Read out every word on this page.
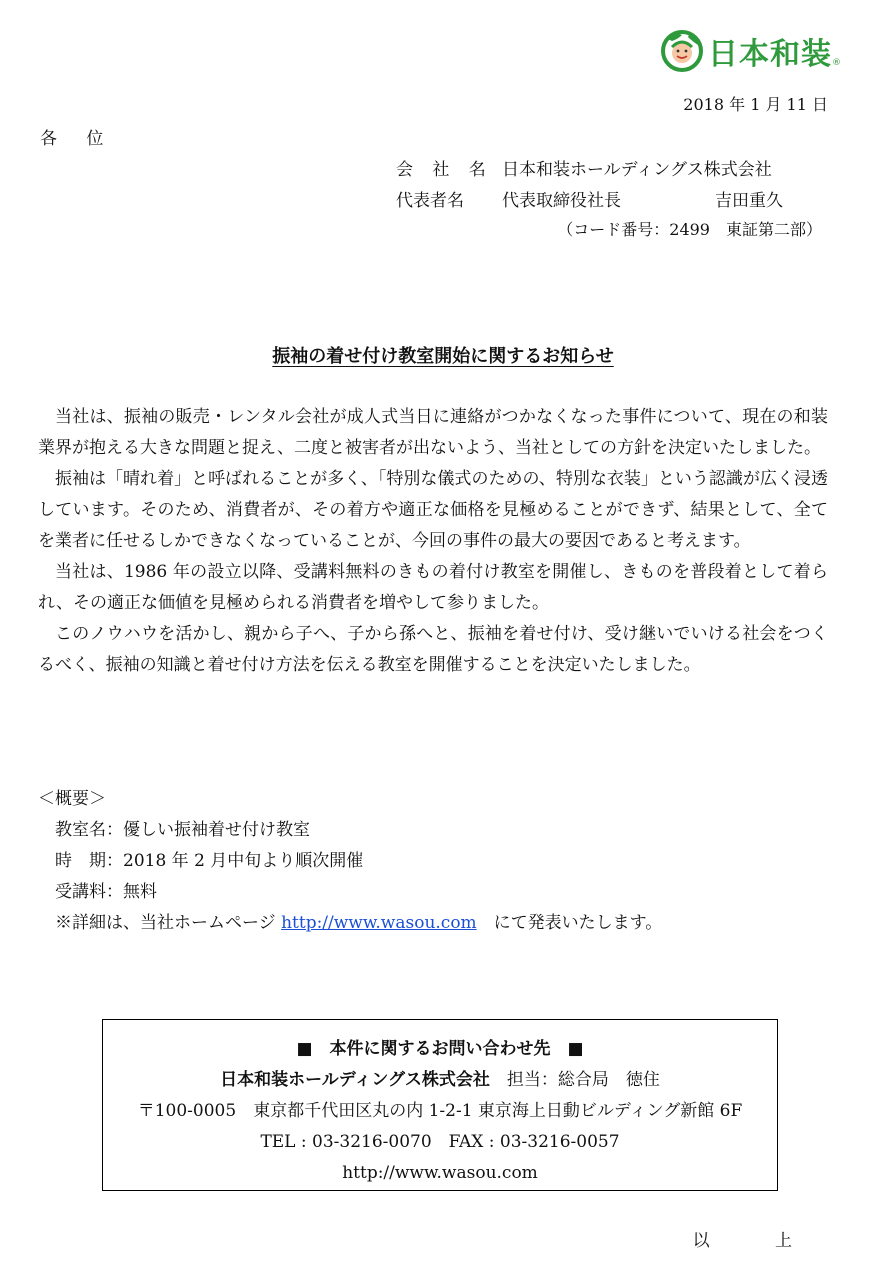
日本和装 ®
2018 年 1 月 11 日
各 位
会 社 名 日本和装ホールディングス株式会社
代表者名	代表取締役社長	吉田重久
（コード番号：2499　東証第二部）
振袖の着せ付け教室開始に関するお知らせ

当社は、振袖の販売・レンタル会社が成人式当日に連絡がつかなくなった事件について、現在の和装業界が抱える大きな問題と捉え、二度と被害者が出ないよう、当社としての方針を決定いたしました。

振袖は「晴れ着」と呼ばれることが多く、「特別な儀式のための、特別な衣装」という認識が広く浸透しています。そのため、消費者が、その着方や適正な価格を見極めることができず、結果として、全てを業者に任せるしかできなくなっていることが、今回の事件の最大の要因であると考えます。

当社は、1986 年の設立以降、受講料無料のきもの着付け教室を開催し、きものを普段着として着られ、その適正な価値を見極められる消費者を増やして参りました。

このノウハウを活かし、親から子へ、子から孫へと、振袖を着せ付け、受け継いでいける社会をつくるべく、振袖の知識と着せ付け方法を伝える教室を開催することを決定いたしました。

＜概要＞
教室名：優しい振袖着せ付け教室
時　期：2018 年 2 月中旬より順次開催
受講料：無料
※詳細は、当社ホームページ http://www.wasou.com　にて発表いたします。
■　本件に関するお問い合わせ先　■
日本和装ホールディングス株式会社　担当：総合局　徳住
〒100-0005　東京都千代田区丸の内 1-2-1 東京海上日動ビルディング新館 6F
TEL : 03-3216-0070　FAX : 03-3216-0057
http://www.wasou.com
以 上
